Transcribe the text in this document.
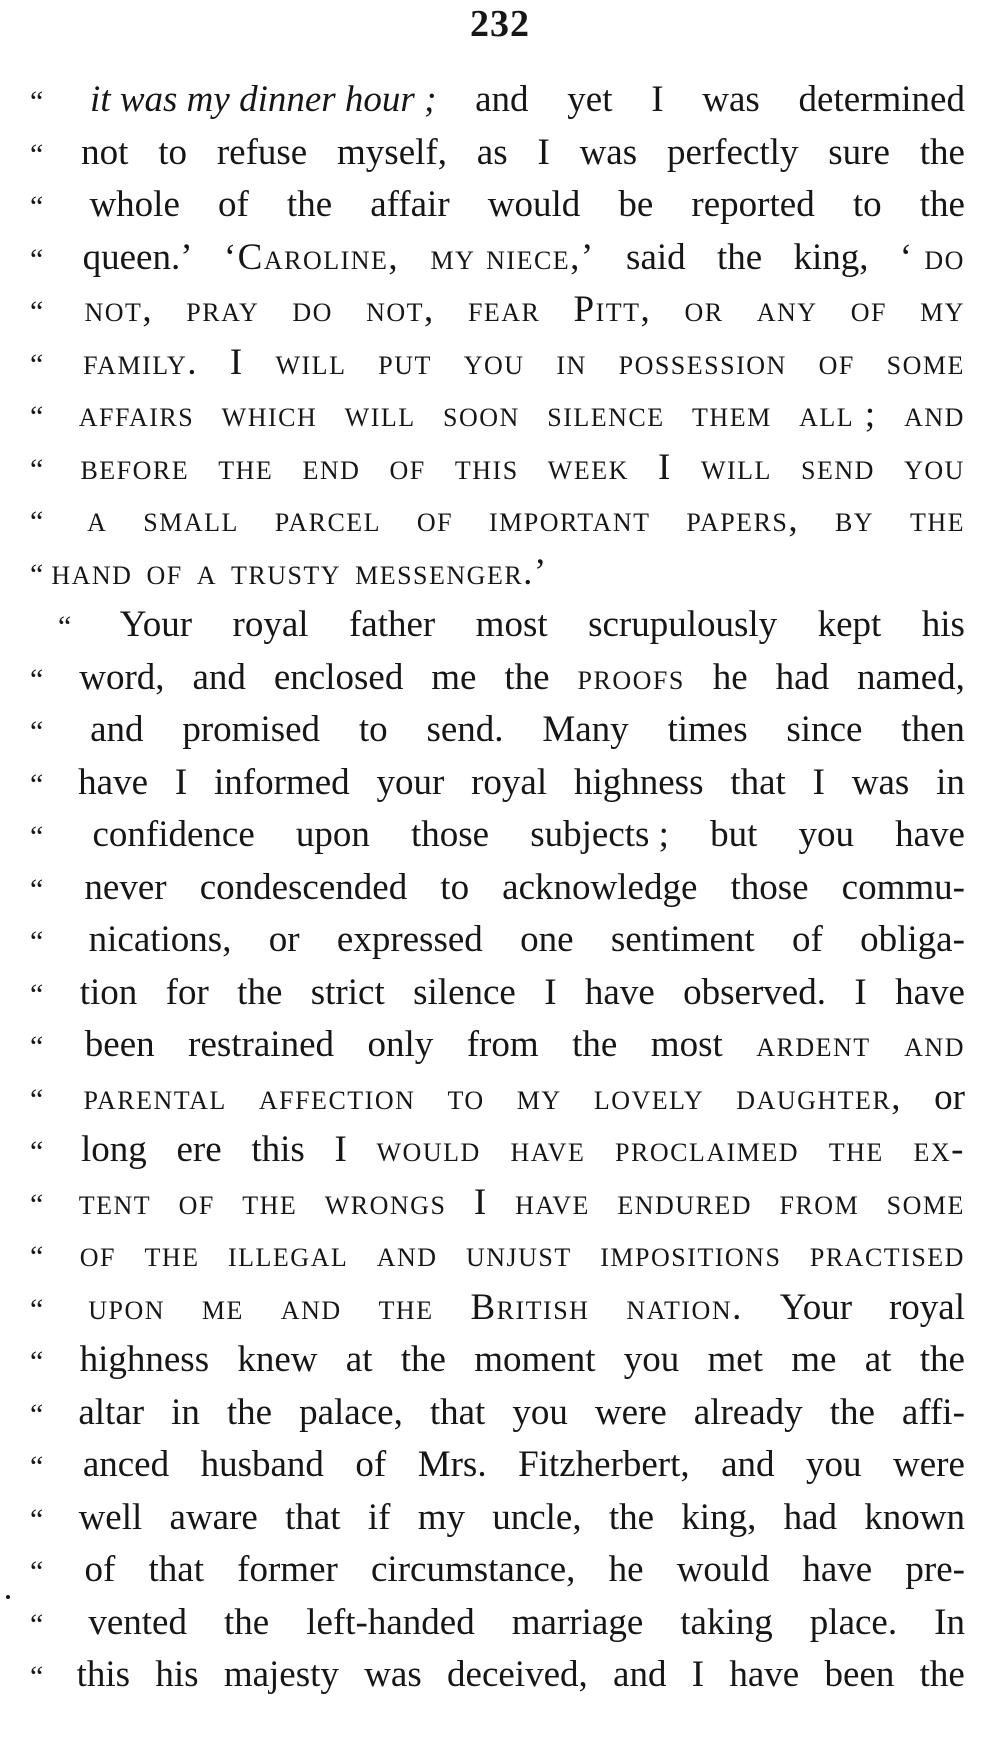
232
“ it was my dinner hour ; and yet I was determined
“ not to refuse myself, as I was perfectly sure the
“ whole of the affair would be reported to the
“ queen.’ ‘Caroline, my niece,’ said the king, ‘ do
“ not, pray do not, fear Pitt, or any of my
“ family. I will put you in possession of some
“ affairs which will soon silence them all ; and
“ before the end of this week I will send you
“ a small parcel of important papers, by the
“ hand of a trusty messenger.’
“ Your royal father most scrupulously kept his
“ word, and enclosed me the proofs he had named,
“ and promised to send. Many times since then
“ have I informed your royal highness that I was in
“ confidence upon those subjects ; but you have
“ never condescended to acknowledge those commu-
“ nications, or expressed one sentiment of obliga-
“ tion for the strict silence I have observed. I have
“ been restrained only from the most ardent and
“ parental affection to my lovely daughter, or
“ long ere this I would have proclaimed the ex-
“ tent of the wrongs I have endured from some
“ of the illegal and unjust impositions practised
“ upon me and the British nation. Your royal
“ highness knew at the moment you met me at the
“ altar in the palace, that you were already the affi-
“ anced husband of Mrs. Fitzherbert, and you were
“ well aware that if my uncle, the king, had known
“ of that former circumstance, he would have pre-
“ vented the left-handed marriage taking place. In
“ this his majesty was deceived, and I have been the
